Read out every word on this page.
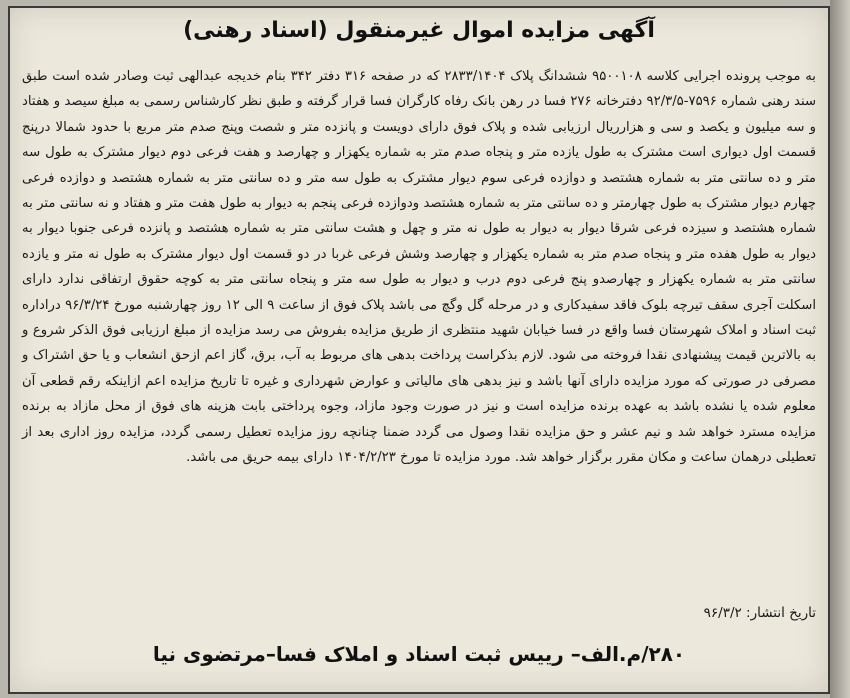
آگهی مزایده اموال غیرمنقول (اسناد رهنی)

به موجب پرونده اجرایی کلاسه ۹۵۰۰۱۰۸ ششدانگ پلاک ۲۸۳۳/۱۴۰۴ که در صفحه ۳۱۶ دفتر ۳۴۲ بنام خدیجه عبدالهی ثبت وصادر شده است طبق سند رهنی شماره ۷۵۹۶-۹۲/۳/۵ دفترخانه ۲۷۶ فسا در رهن بانک رفاه کارگران فسا قرار گرفته و طبق نظر کارشناس رسمی به مبلغ سیصد و هفتاد و سه میلیون و یکصد و سی و هزارریال ارزیابی شده و پلاک فوق دارای دویست و پانزده متر و شصت وپنج صدم متر مربع با حدود شمالا درپنج قسمت اول دیواری است مشترک به طول یازده متر و پنجاه صدم متر به شماره یکهزار و چهارصد و هفت فرعی دوم دیوار مشترک به طول سه متر و ده سانتی متر به شماره هشتصد و دوازده فرعی سوم دیوار مشترک به طول سه متر و ده سانتی متر به شماره هشتصد و دوازده فرعی چهارم دیوار مشترک به طول چهارمتر و ده سانتی متر به شماره هشتصد ودوازده فرعی پنجم به دیوار به طول هفت متر و هفتاد و نه سانتی متر به شماره هشتصد و سیزده فرعی شرقا دیوار به دیوار به طول نه متر و چهل و هشت سانتی متر به شماره هشتصد و پانزده فرعی جنوبا دیوار به دیوار به طول هفده متر و پنجاه صدم متر به شماره یکهزار و چهارصد وشش فرعی غربا در دو قسمت اول دیوار مشترک به طول نه متر و یازده سانتی متر به شماره یکهزار و چهارصدو پنج فرعی دوم درب و دیوار به طول سه متر و پنجاه سانتی متر به کوچه حقوق ارتفاقی ندارد دارای اسکلت آجری سقف تیرچه بلوک فاقد سفیدکاری و در مرحله گل وگچ می باشد پلاک فوق از ساعت ۹ الی ۱۲ روز چهارشنبه مورخ ۹۶/۳/۲۴ دراداره ثبت اسناد و املاک شهرستان فسا واقع در فسا خیابان شهید منتظری از طریق مزایده بفروش می رسد مزایده از مبلغ ارزیابی فوق الذکر شروع و به بالاترین قیمت پیشنهادی نقدا فروخته می شود. لازم بذکراست پرداخت بدهی های مربوط به آب، برق، گاز اعم ازحق انشعاب و یا حق اشتراک و مصرفی در صورتی که مورد مزایده دارای آنها باشد و نیز بدهی های مالیاتی و عوارض شهرداری و غیره تا تاریخ مزایده اعم ازاینکه رقم قطعی آن معلوم شده یا نشده باشد به عهده برنده مزایده است و نیز در صورت وجود مازاد، وجوه پرداختی بابت هزینه های فوق از محل مازاد به برنده مزایده مسترد خواهد شد و نیم عشر و حق مزایده نقدا وصول می گردد ضمنا چنانچه روز مزایده تعطیل رسمی گردد، مزایده روز اداری بعد از تعطیلی درهمان ساعت و مکان مقرر برگزار خواهد شد. مورد مزایده تا مورخ ۱۴۰۴/۲/۲۳ دارای بیمه حریق می باشد.

تاریخ انتشار: ۹۶/۳/۲

۲۸۰/م.الف– رییس ثبت اسناد و املاک فسا–مرتضوی نیا
